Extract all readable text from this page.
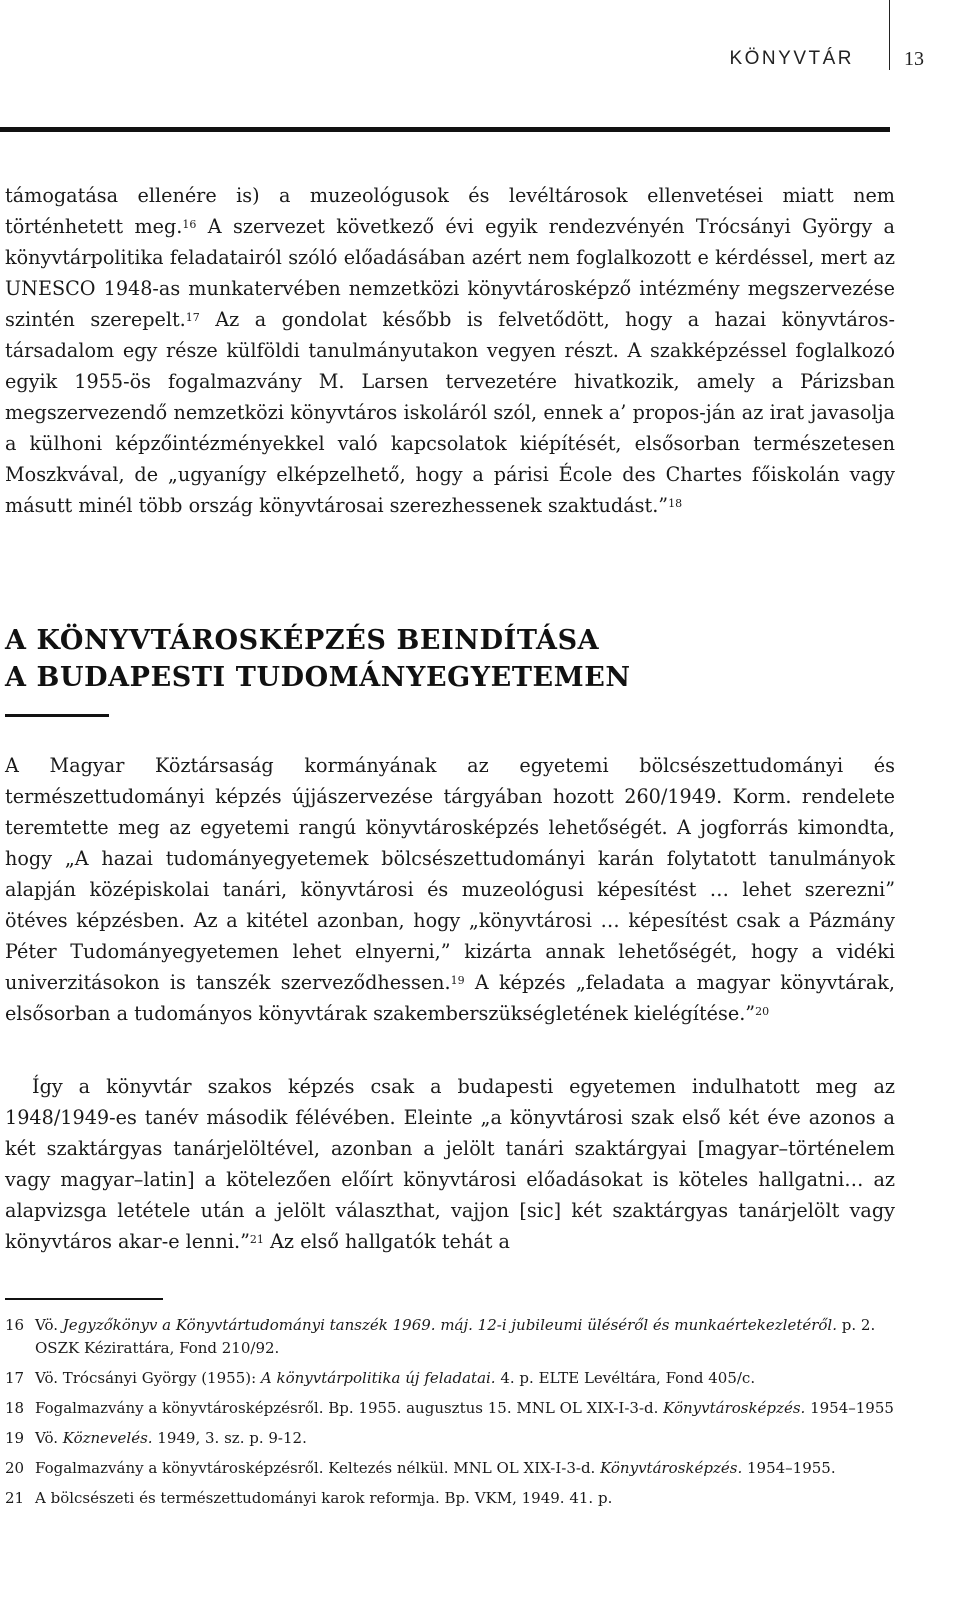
KÖNYVTÁR	13

támogatása ellenére is) a muzeológusok és levéltárosok ellenvetései miatt nem történhetett meg.$^{16}$ A szervezet következő évi egyik rendezvényén Trócsányi György a könyvtárpolitika feladatairól szóló előadásában azért nem foglalkozott e kérdéssel, mert az UNESCO 1948-as munkatervében nemzetközi könyvtárosképző intézmény megszervezése szintén szerepelt.$^{17}$ Az a gondolat később is felvetődött, hogy a hazai könyvtáros-társadalom egy része külföldi tanulmányutakon vegyen részt. A szakképzéssel foglalkozó egyik 1955-ös fogalmazvány M. Larsen tervezetére hivatkozik, amely a Párizsban megszervezendő nemzetközi könyvtáros iskoláról szól, ennek a’ propos-ján az irat javasolja a külhoni képzőintézményekkel való kapcsolatok kiépítését, elsősorban természetesen Moszkvával, de „ugyanígy elképzelhető, hogy a párisi École des Chartes főiskolán vagy másutt minél több ország könyvtárosai szerezhessenek szaktudást.”$^{18}$

A KÖNYVTÁROSKÉPZÉS BEINDÍTÁSA
A BUDAPESTI TUDOMÁNYEGYETEMEN

A Magyar Köztársaság kormányának az egyetemi bölcsészettudományi és természettudományi képzés újjászervezése tárgyában hozott 260/1949. Korm. rendelete teremtette meg az egyetemi rangú könyvtárosképzés lehetőségét. A jogforrás kimondta, hogy „A hazai tudományegyetemek bölcsészettudományi karán folytatott tanulmányok alapján középiskolai tanári, könyvtárosi és muzeológusi képesítést … lehet szerezni” ötéves képzésben. Az a kitétel azonban, hogy „könyvtárosi … képesítést csak a Pázmány Péter Tudományegyetemen lehet elnyerni,” kizárta annak lehetőségét, hogy a vidéki univerzitásokon is tanszék szerveződhessen.$^{19}$ A képzés „feladata a magyar könyvtárak, elsősorban a tudományos könyvtárak szakemberszükségletének kielégítése.”$^{20}$

Így a könyvtár szakos képzés csak a budapesti egyetemen indulhatott meg az 1948/1949-es tanév második félévében. Eleinte „a könyvtárosi szak első két éve azonos a két szaktárgyas tanárjelöltével, azonban a jelölt tanári szaktárgyai [magyar–történelem vagy magyar–latin] a kötelezően előírt könyvtárosi előadásokat is köteles hallgatni… az alapvizsga letétele után a jelölt választhat, vajjon [sic] két szaktárgyas tanárjelölt vagy könyvtáros akar-e lenni.”$^{21}$ Az első hallgatók tehát a

16 Vö. Jegyzőkönyv a Könyvtártudományi tanszék 1969. máj. 12-i jubileumi üléséről és munkaértekezletéről. p. 2. OSZK Kézirattára, Fond 210/92.
17 Vö. Trócsányi György (1955): A könyvtárpolitika új feladatai. 4. p. ELTE Levéltára, Fond 405/c.
18 Fogalmazvány a könyvtárosképzésről. Bp. 1955. augusztus 15. MNL OL XIX-I-3-d. Könyvtárosképzés. 1954–1955
19 Vö. Köznevelés. 1949, 3. sz. p. 9-12.
20 Fogalmazvány a könyvtárosképzésről. Keltezés nélkül. MNL OL XIX-I-3-d. Könyvtárosképzés. 1954–1955.
21 A bölcsészeti és természettudományi karok reformja. Bp. VKM, 1949. 41. p.
